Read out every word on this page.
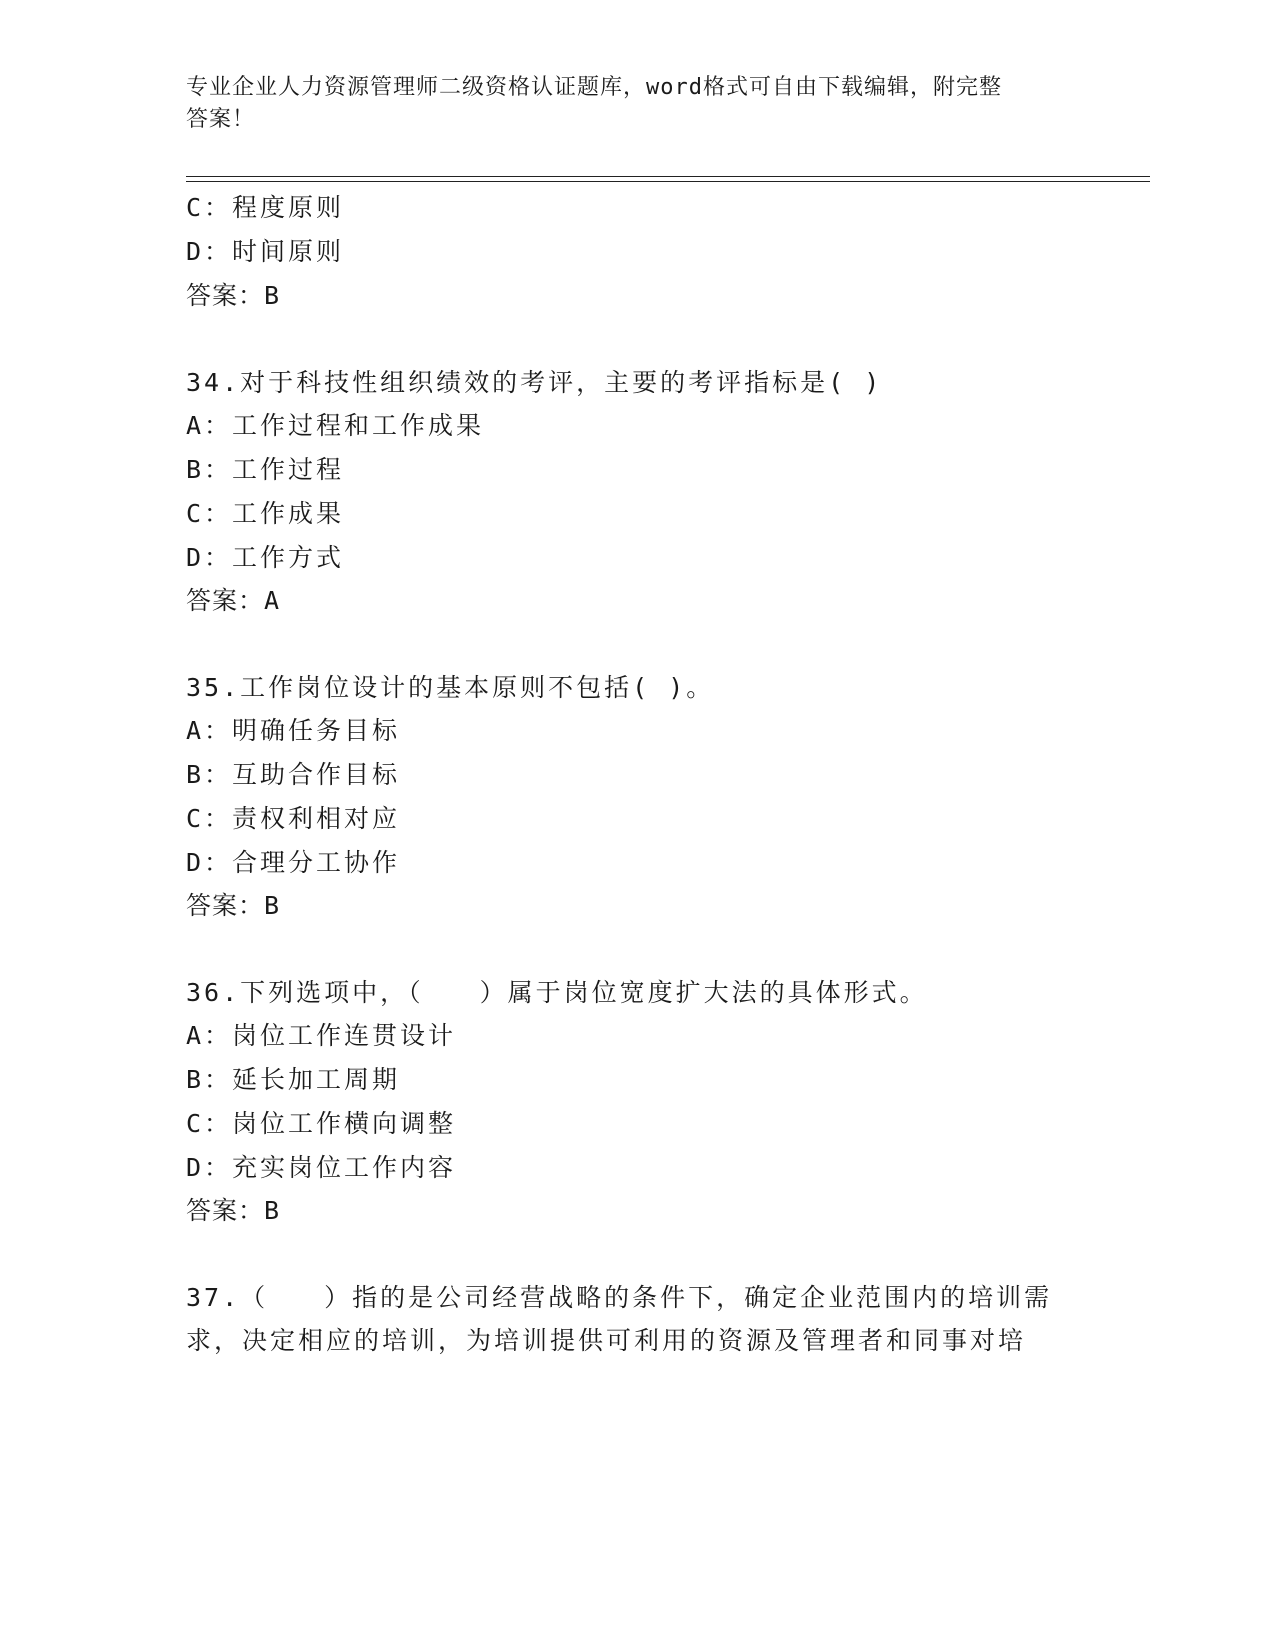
专业企业人力资源管理师二级资格认证题库，word格式可自由下载编辑，附完整
答案！
C：程度原则
D：时间原则
答案：B
34.对于科技性组织绩效的考评，主要的考评指标是( )
A：工作过程和工作成果
B：工作过程
C：工作成果
D：工作方式
答案：A
35.工作岗位设计的基本原则不包括( )。
A：明确任务目标
B：互助合作目标
C：责权利相对应
D：合理分工协作
答案：B
36.下列选项中，（　　）属于岗位宽度扩大法的具体形式。
A：岗位工作连贯设计
B：延长加工周期
C：岗位工作横向调整
D：充实岗位工作内容
答案：B
37.（　　）指的是公司经营战略的条件下，确定企业范围内的培训需
求，决定相应的培训，为培训提供可利用的资源及管理者和同事对培
